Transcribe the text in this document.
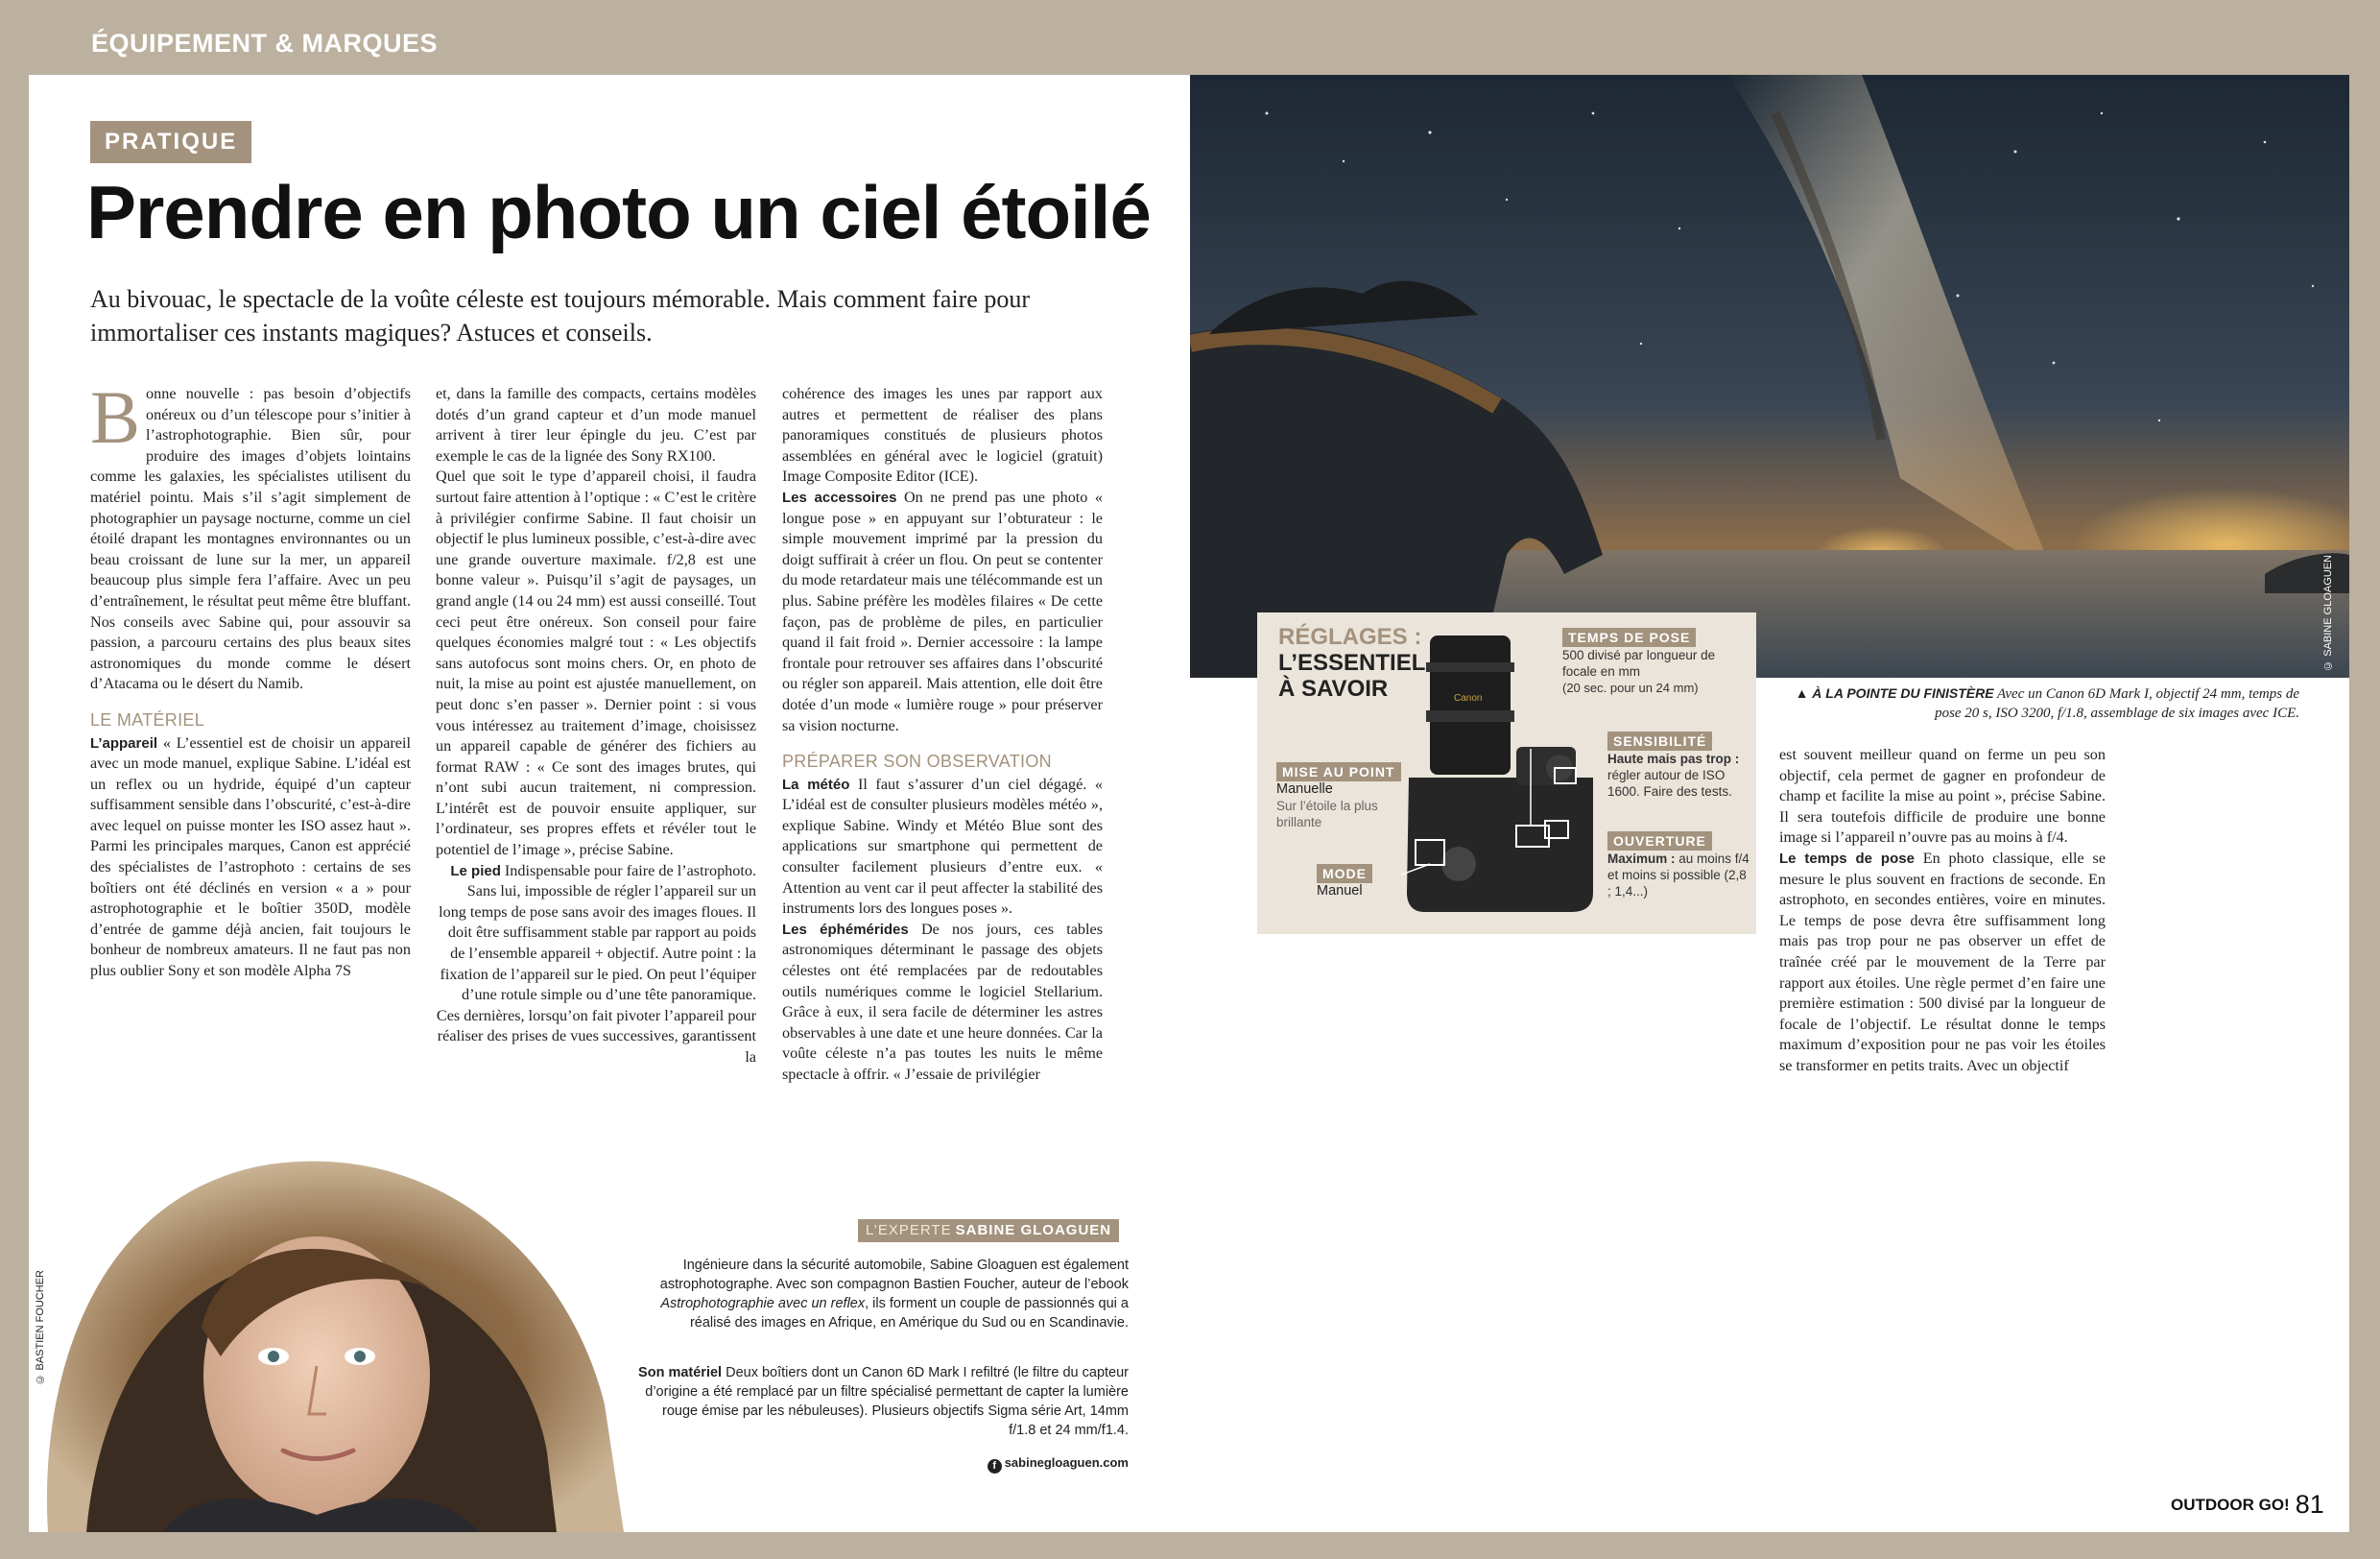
ÉQUIPEMENT & MARQUES
PRATIQUE
Prendre en photo un ciel étoilé
Au bivouac, le spectacle de la voûte céleste est toujours mémorable. Mais comment faire pour immortaliser ces instants magiques? Astuces et conseils.

Bonne nouvelle : pas besoin d’objectifs onéreux ou d’un télescope pour s’initier à l’astrophotographie. Bien sûr, pour produire des images d’objets lointains comme les galaxies, les spécialistes utilisent du matériel pointu. Mais s’il s’agit simplement de photographier un paysage nocturne, comme un ciel étoilé drapant les montagnes environnantes ou un beau croissant de lune sur la mer, un appareil beaucoup plus simple fera l’affaire. Avec un peu d’entraînement, le résultat peut même être bluffant. Nos conseils avec Sabine qui, pour assouvir sa passion, a parcouru certains des plus beaux sites astronomiques du monde comme le désert d’Atacama ou le désert du Namib.

LE MATÉRIEL

L’appareil « L’essentiel est de choisir un appareil avec un mode manuel, explique Sabine. L’idéal est un reflex ou un hydride, équipé d’un capteur suffisamment sensible dans l’obscurité, c’est-à-dire avec lequel on puisse monter les ISO assez haut ». Parmi les principales marques, Canon est apprécié des spécialistes de l’astrophoto : certains de ses boîtiers ont été déclinés en version « a » pour astrophotographie et le boîtier 350D, modèle d’entrée de gamme déjà ancien, fait toujours le bonheur de nombreux amateurs. Il ne faut pas non plus oublier Sony et son modèle Alpha 7S

et, dans la famille des compacts, certains modèles dotés d’un grand capteur et d’un mode manuel arrivent à tirer leur épingle du jeu. C’est par exemple le cas de la lignée des Sony RX100.

Quel que soit le type d’appareil choisi, il faudra surtout faire attention à l’optique : « C’est le critère à privilégier confirme Sabine. Il faut choisir un objectif le plus lumineux possible, c’est-à-dire avec une grande ouverture maximale. f/2,8 est une bonne valeur ». Puisqu’il s’agit de paysages, un grand angle (14 ou 24 mm) est aussi conseillé. Tout ceci peut être onéreux. Son conseil pour faire quelques économies malgré tout : « Les objectifs sans autofocus sont moins chers. Or, en photo de nuit, la mise au point est ajustée manuellement, on peut donc s’en passer ». Dernier point : si vous vous intéressez au traitement d’image, choisissez un appareil capable de générer des fichiers au format RAW : « Ce sont des images brutes, qui n’ont subi aucun traitement, ni compression. L’intérêt est de pouvoir ensuite appliquer, sur l’ordinateur, ses propres effets et révéler tout le potentiel de l’image », précise Sabine.

Le pied Indispensable pour faire de l’astrophoto. Sans lui, impossible de régler l’appareil sur un long temps de pose sans avoir des images floues. Il doit être suffisamment stable par rapport au poids de l’ensemble appareil + objectif. Autre point : la fixation de l’appareil sur le pied. On peut l’équiper d’une rotule simple ou d’une tête panoramique. Ces dernières, lorsqu’on fait pivoter l’appareil pour réaliser des prises de vues successives, garantissent la

cohérence des images les unes par rapport aux autres et permettent de réaliser des plans panoramiques constitués de plusieurs photos assemblées en général avec le logiciel (gratuit) Image Composite Editor (ICE).

Les accessoires On ne prend pas une photo « longue pose » en appuyant sur l’obturateur : le simple mouvement imprimé par la pression du doigt suffirait à créer un flou. On peut se contenter du mode retardateur mais une télécommande est un plus. Sabine préfère les modèles filaires « De cette façon, pas de problème de piles, en particulier quand il fait froid ». Dernier accessoire : la lampe frontale pour retrouver ses affaires dans l’obscurité ou régler son appareil. Mais attention, elle doit être dotée d’un mode « lumière rouge » pour préserver sa vision nocturne.

PRÉPARER SON OBSERVATION

La météo Il faut s’assurer d’un ciel dégagé. « L’idéal est de consulter plusieurs modèles météo », explique Sabine. Windy et Météo Blue sont des applications sur smartphone qui permettent de consulter facilement plusieurs d’entre eux. « Attention au vent car il peut affecter la stabilité des instruments lors des longues poses ».

Les éphémérides De nos jours, ces tables astronomiques déterminant le passage des objets célestes ont été remplacées par de redoutables outils numériques comme le logiciel Stellarium. Grâce à eux, il sera facile de déterminer les astres observables à une date et une heure données. Car la voûte céleste n’a pas toutes les nuits le même spectacle à offrir. « J’essaie de privilégier

© BASTIEN FOUCHER
L’EXPERTE SABINE GLOAGUEN
Ingénieure dans la sécurité automobile, Sabine Gloaguen est également astrophotographe. Avec son compagnon Bastien Foucher, auteur de l’ebook Astrophotographie avec un reflex, ils forment un couple de passionnés qui a réalisé des images en Afrique, en Amérique du Sud ou en Scandinavie.
Son matériel Deux boîtiers dont un Canon 6D Mark I refiltré (le filtre du capteur d’origine a été remplacé par un filtre spécialisé permettant de capter la lumière rouge émise par les nébuleuses). Plusieurs objectifs Sigma série Art, 14mm f/1.8 et 24 mm/f1.4.
f sabinegloaguen.com
© SABINE GLOAGUEN
RÉGLAGES :
L’ESSENTIEL
À SAVOIR	Canon
TEMPS DE POSE
500 divisé par longueur de focale en mm
(20 sec. pour un 24 mm)
SENSIBILITÉ
Haute mais pas trop :
régler autour de ISO 1600. Faire des tests.
MISE AU POINT
Manuelle
Sur l’étoile la plus brillante
OUVERTURE
Maximum : au moins f/4 et moins si possible (2,8 ; 1,4...)
MODE
Manuel
▲ À LA POINTE DU FINISTÈRE Avec un Canon 6D Mark I, objectif 24 mm, temps de pose 20 s, ISO 3200, f/1.8, assemblage de six images avec ICE.

est souvent meilleur quand on ferme un peu son objectif, cela permet de gagner en profondeur de champ et facilite la mise au point », précise Sabine. Il sera toutefois difficile de produire une bonne image si l’appareil n’ouvre pas au moins à f/4.

Le temps de pose En photo classique, elle se mesure le plus souvent en fractions de seconde. En astrophoto, en secondes entières, voire en minutes. Le temps de pose devra être suffisamment long mais pas trop pour ne pas observer un effet de traînée créé par le mouvement de la Terre par rapport aux étoiles. Une règle permet d’en faire une première estimation : 500 divisé par la longueur de focale de l’objectif. Le résultat donne le temps maximum d’exposition pour ne pas voir les étoiles se transformer en petits traits. Avec un objectif

OUTDOOR GO! 81
